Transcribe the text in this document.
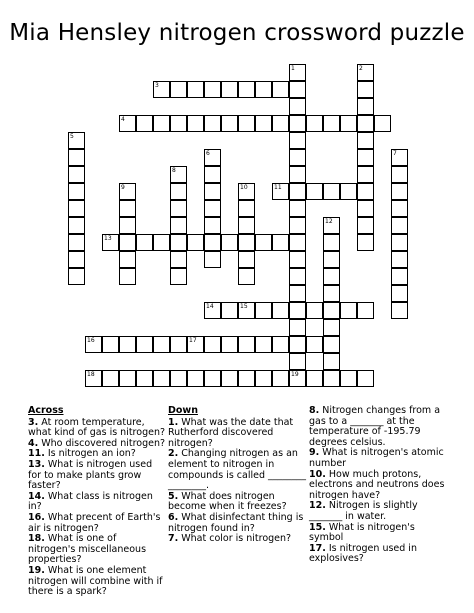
Mia Hensley nitrogen crossword puzzle
1
19
2
3
4
5
6	7
8
9	10	11
12
13
14	15
16	17
18
Across
3. At room temperature, what kind of gas is nitrogen?
4. Who discovered nitrogen?
11. Is nitrogen an ion?
13. What is nitrogen used for to make plants grow faster?
14. What class is nitrogen in?
16. What precent of Earth's air is nitrogen?
18. What is one of nitrogen's miscellaneous properties?
19. What is one element nitrogen will combine with if there is a spark?
Down
1. What was the date that Rutherford discovered nitrogen?
2. Changing nitrogen as an element to nitrogen in compounds is called ________ ________.
5. What does nitrogen become when it freezes?
6. What disinfectant thing is nitrogen found in?
7. What color is nitrogen?
8. Nitrogen changes from a gas to a _______ at the temperature of -195.79 degrees celsius.
9. What is nitrogen's atomic number
10. How much protons, electrons and neutrons does nitrogen have?
12. Nitrogen is slightly _______ in water.
15. What is nitrogen's symbol
17. Is nitrogen used in explosives?
